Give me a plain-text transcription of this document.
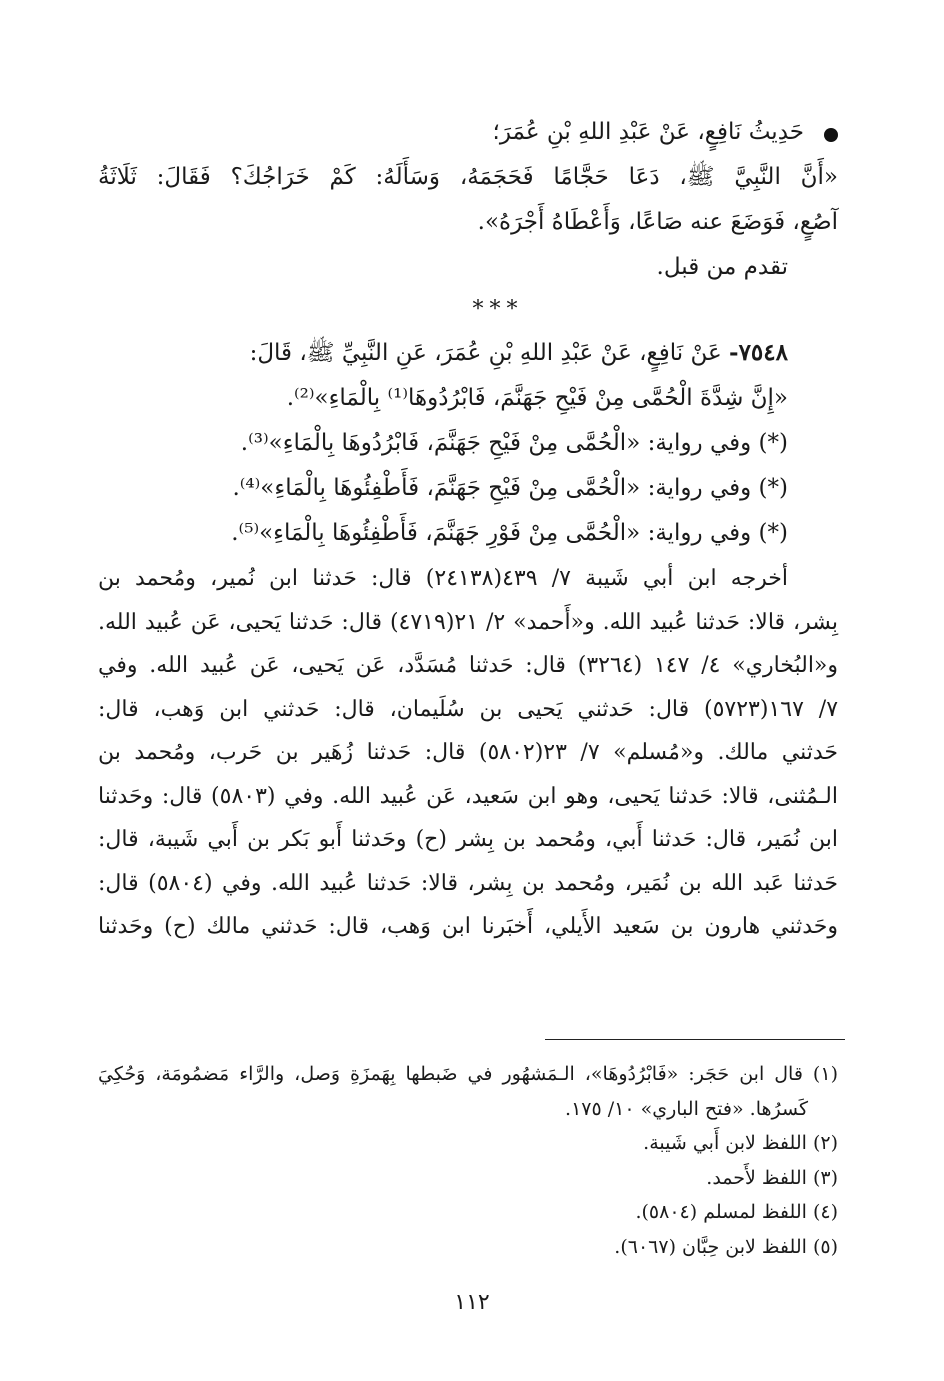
حَدِيثُ نَافِعٍ، عَنْ عَبْدِ اللهِ بْنِ عُمَرَ؛

«أَنَّ النَّبِيَّ ﷺ، دَعَا حَجَّامًا فَحَجَمَهُ، وَسَأَلَهُ: كَمْ خَرَاجُكَ؟ فَقَالَ: ثَلَاثَةُ

آصُعٍ، فَوَضَعَ عنه صَاعًا، وَأَعْطَاهُ أَجْرَهُ».

تقدم من قبل.

***

٧٥٤٨- عَنْ نَافِعٍ، عَنْ عَبْدِ اللهِ بْنِ عُمَرَ، عَنِ النَّبِيِّ ﷺ، قَالَ:

«إِنَّ شِدَّةَ الْحُمَّى مِنْ فَيْحِ جَهَنَّمَ، فَابْرُدُوهَا⁽¹⁾ بِالْمَاءِ»⁽²⁾.

(*) وفي رواية: «الْحُمَّى مِنْ فَيْحِ جَهَنَّمَ، فَابْرُدُوهَا بِالْمَاءِ»⁽³⁾.

(*) وفي رواية: «الْحُمَّى مِنْ فَيْحِ جَهَنَّمَ، فَأَطْفِئُوهَا بِالْمَاءِ»⁽⁴⁾.

(*) وفي رواية: «الْحُمَّى مِنْ فَوْرِ جَهَنَّمَ، فَأَطْفِئُوهَا بِالْمَاءِ»⁽⁵⁾.

أخرجه ابن أبي شَيبة ٧/ ٤٣٩(٢٤١٣٨) قال: حَدثنا ابن نُمير، ومُحمد بن

بِشر، قالا: حَدثنا عُبيد الله. و«أَحمد» ٢/ ٢١(٤٧١٩) قال: حَدثنا يَحيى، عَن عُبيد الله.

و«البُخاري» ٤/ ١٤٧ (٣٢٦٤) قال: حَدثنا مُسَدَّد، عَن يَحيى، عَن عُبيد الله. وفي

٧/ ١٦٧(٥٧٢٣) قال: حَدثني يَحيى بن سُلَيمان، قال: حَدثني ابن وَهب، قال:

حَدثني مالك. و«مُسلم» ٧/ ٢٣(٥٨٠٢) قال: حَدثنا زُهَير بن حَرب، ومُحمد بن

الـمُثنى، قالا: حَدثنا يَحيى، وهو ابن سَعيد، عَن عُبيد الله. وفي (٥٨٠٣) قال: وحَدثنا

ابن نُمَير، قال: حَدثنا أَبي، ومُحمد بن بِشر (ح) وحَدثنا أَبو بَكر بن أَبي شَيبة، قال:

حَدثنا عَبد الله بن نُمَير، ومُحمد بن بِشر، قالا: حَدثنا عُبيد الله. وفي (٥٨٠٤) قال:

وحَدثني هارون بن سَعيد الأَيلي، أَخبَرنا ابن وَهب، قال: حَدثني مالك (ح) وحَدثنا

(١) قال ابن حَجَر: «فَابْرُدُوهَا»، الـمَشهُور في ضَبطها بِهَمزَةِ وَصل، والرَّاء مَضمُومَة، وَحُكِيَ

كَسرُها. «فتح الباري» ١٠/ ١٧٥.

(٢) اللفظ لابن أَبي شَيبة.

(٣) اللفظ لأَحمد.

(٤) اللفظ لمسلم (٥٨٠٤).

(٥) اللفظ لابن حِبَّان (٦٠٦٧).

١١٢
